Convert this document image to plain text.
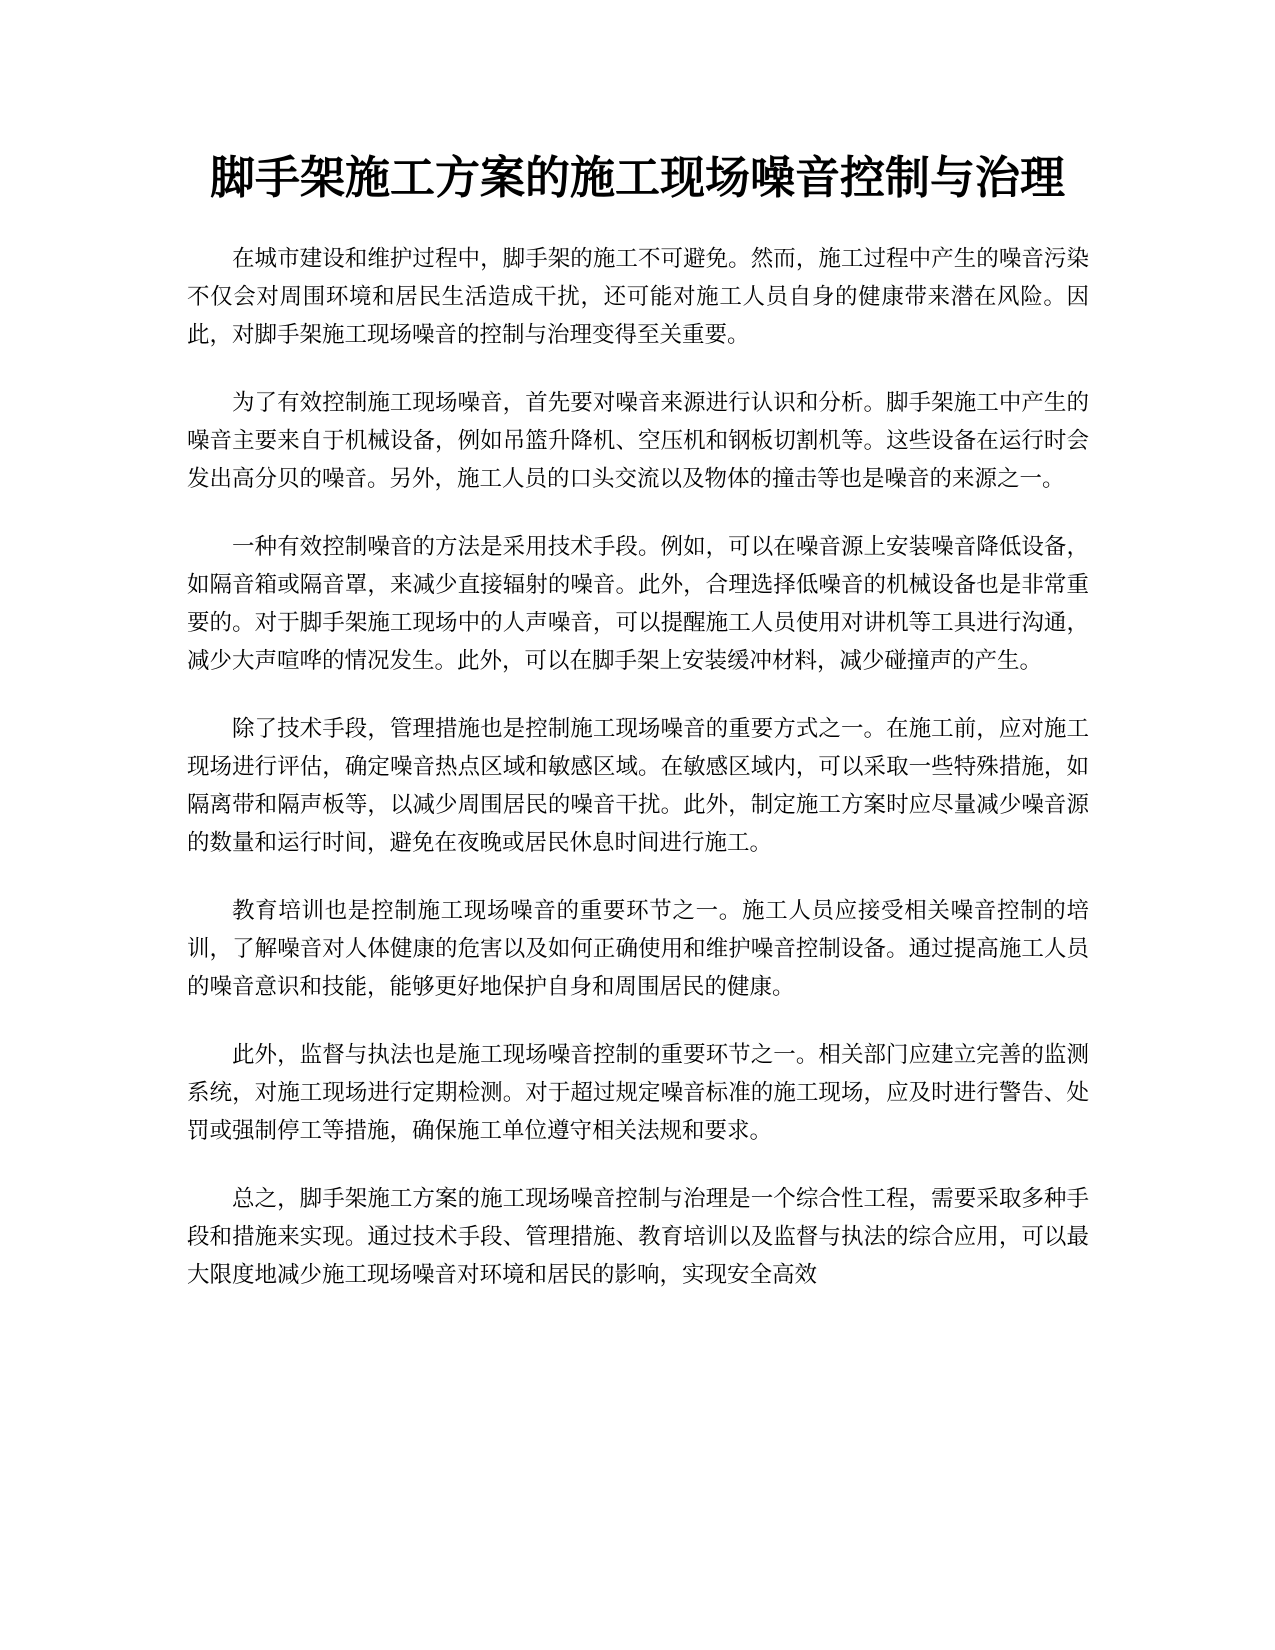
脚手架施工方案的施工现场噪音控制与治理

在城市建设和维护过程中，脚手架的施工不可避免。然而，施工过程中产生的噪音污染不仅会对周围环境和居民生活造成干扰，还可能对施工人员自身的健康带来潜在风险。因此，对脚手架施工现场噪音的控制与治理变得至关重要。

为了有效控制施工现场噪音，首先要对噪音来源进行认识和分析。脚手架施工中产生的噪音主要来自于机械设备，例如吊篮升降机、空压机和钢板切割机等。这些设备在运行时会发出高分贝的噪音。另外，施工人员的口头交流以及物体的撞击等也是噪音的来源之一。

一种有效控制噪音的方法是采用技术手段。例如，可以在噪音源上安装噪音降低设备，如隔音箱或隔音罩，来减少直接辐射的噪音。此外，合理选择低噪音的机械设备也是非常重要的。对于脚手架施工现场中的人声噪音，可以提醒施工人员使用对讲机等工具进行沟通，减少大声喧哗的情况发生。此外，可以在脚手架上安装缓冲材料，减少碰撞声的产生。

除了技术手段，管理措施也是控制施工现场噪音的重要方式之一。在施工前，应对施工现场进行评估，确定噪音热点区域和敏感区域。在敏感区域内，可以采取一些特殊措施，如隔离带和隔声板等，以减少周围居民的噪音干扰。此外，制定施工方案时应尽量减少噪音源的数量和运行时间，避免在夜晚或居民休息时间进行施工。

教育培训也是控制施工现场噪音的重要环节之一。施工人员应接受相关噪音控制的培训，了解噪音对人体健康的危害以及如何正确使用和维护噪音控制设备。通过提高施工人员的噪音意识和技能，能够更好地保护自身和周围居民的健康。

此外，监督与执法也是施工现场噪音控制的重要环节之一。相关部门应建立完善的监测系统，对施工现场进行定期检测。对于超过规定噪音标准的施工现场，应及时进行警告、处罚或强制停工等措施，确保施工单位遵守相关法规和要求。

总之，脚手架施工方案的施工现场噪音控制与治理是一个综合性工程，需要采取多种手段和措施来实现。通过技术手段、管理措施、教育培训以及监督与执法的综合应用，可以最大限度地减少施工现场噪音对环境和居民的影响，实现安全高效
